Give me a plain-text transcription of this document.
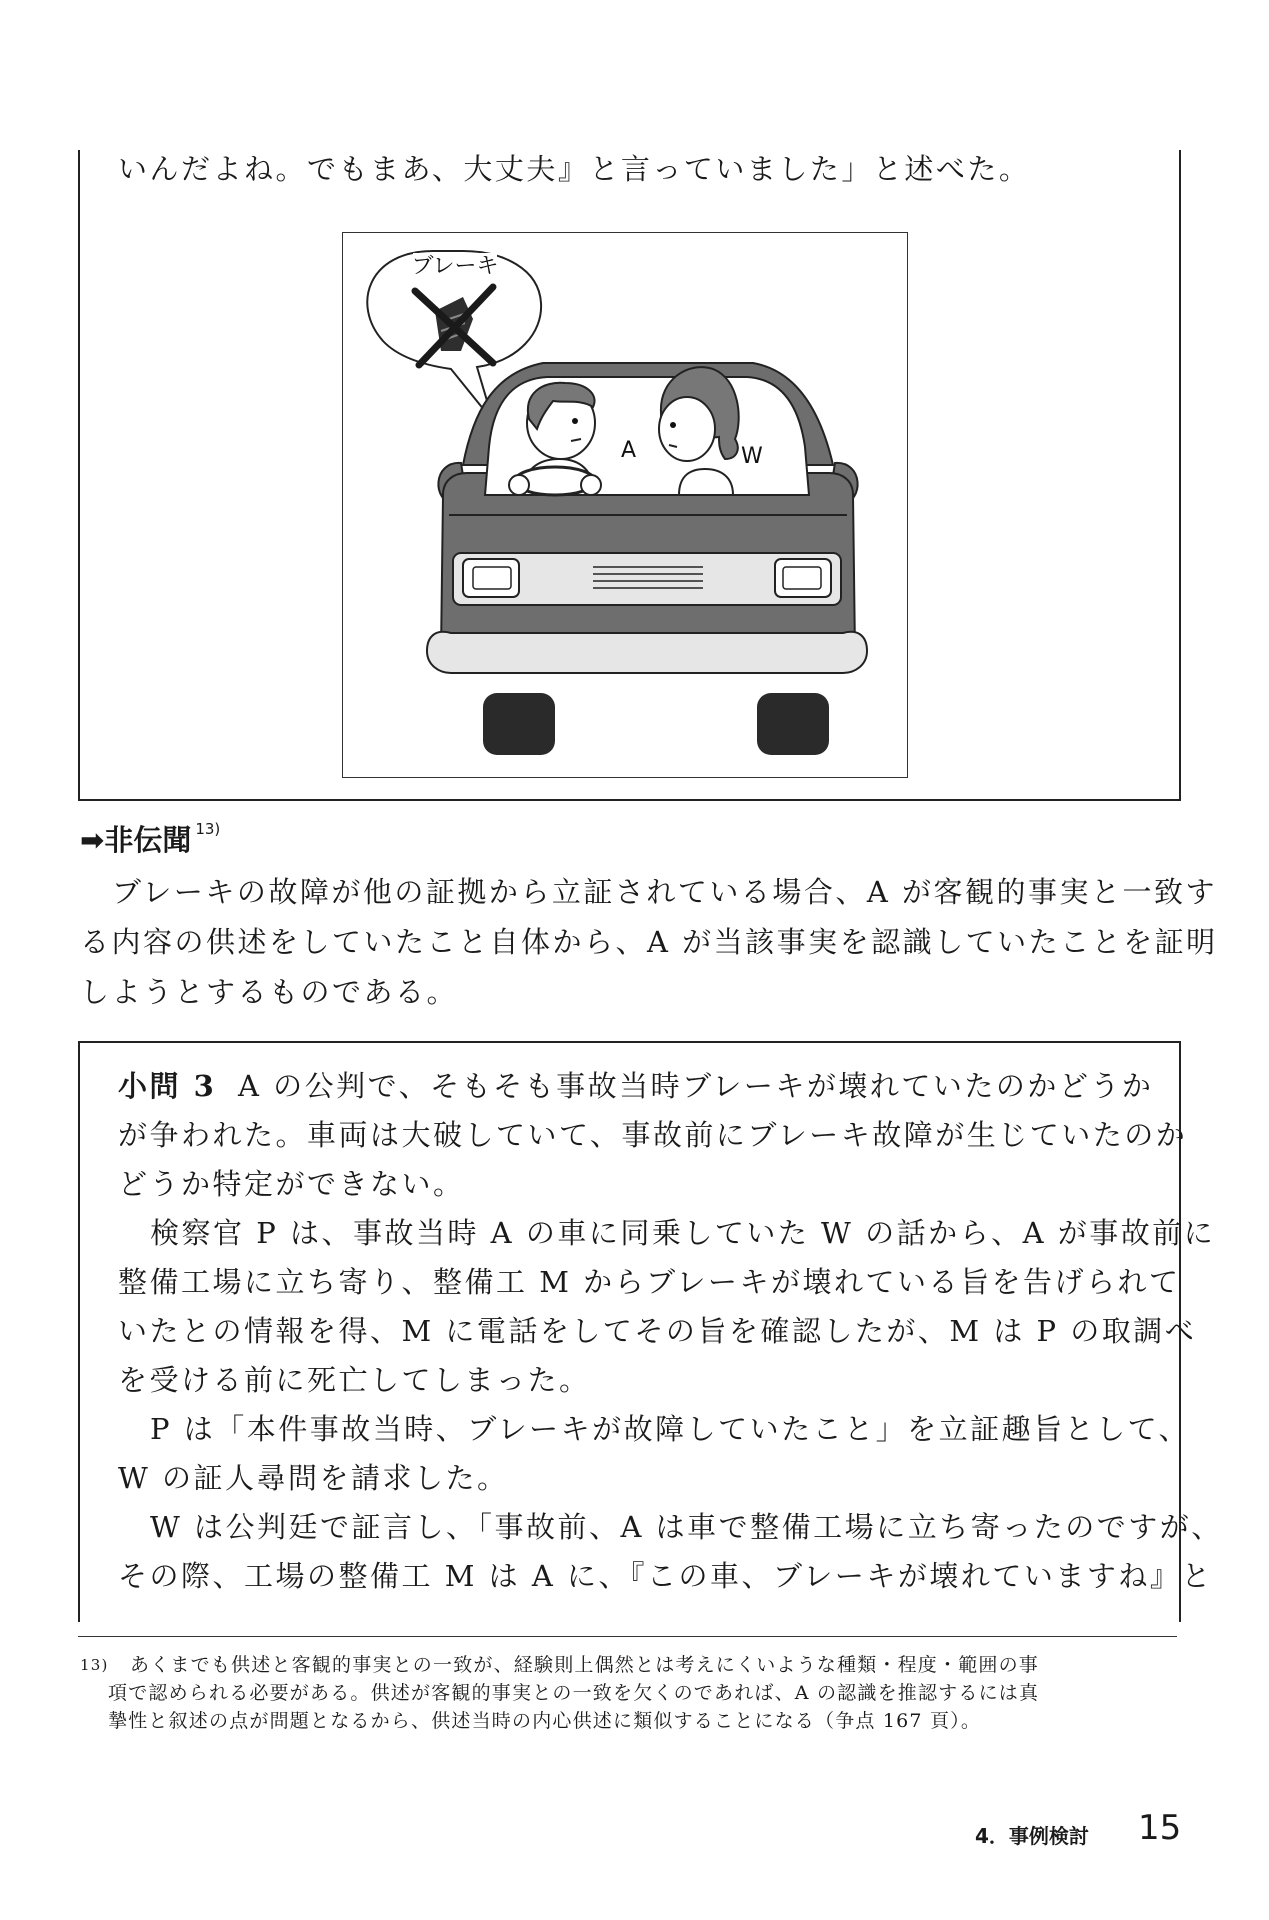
いんだよね。でもまあ、大丈夫』と言っていました」と述べた。
ブレーキ
A	W
➡非伝聞 $^{13)}$
ブレーキの故障が他の証拠から立証されている場合、A が客観的事実と一致す
る内容の供述をしていたこと自体から、A が当該事実を認識していたことを証明
しようとするものである。
小問 3 A の公判で、そもそも事故当時ブレーキが壊れていたのかどうか
が争われた。車両は大破していて、事故前にブレーキ故障が生じていたのか
どうか特定ができない。
検察官 P は、事故当時 A の車に同乗していた W の話から、A が事故前に
整備工場に立ち寄り、整備工 M からブレーキが壊れている旨を告げられて
いたとの情報を得、M に電話をしてその旨を確認したが、M は P の取調べ
を受ける前に死亡してしまった。
P は「本件事故当時、ブレーキが故障していたこと」を立証趣旨として、
W の証人尋問を請求した。
W は公判廷で証言し、「事故前、A は車で整備工場に立ち寄ったのですが、
その際、工場の整備工 M は A に、『この車、ブレーキが壊れていますね』と
13) あくまでも供述と客観的事実との一致が、経験則上偶然とは考えにくいような種類・程度・範囲の事
項で認められる必要がある。供述が客観的事実との一致を欠くのであれば、A の認識を推認するには真
摯性と叙述の点が問題となるから、供述当時の内心供述に類似することになる（争点 167 頁）。
4．事例検討 15
